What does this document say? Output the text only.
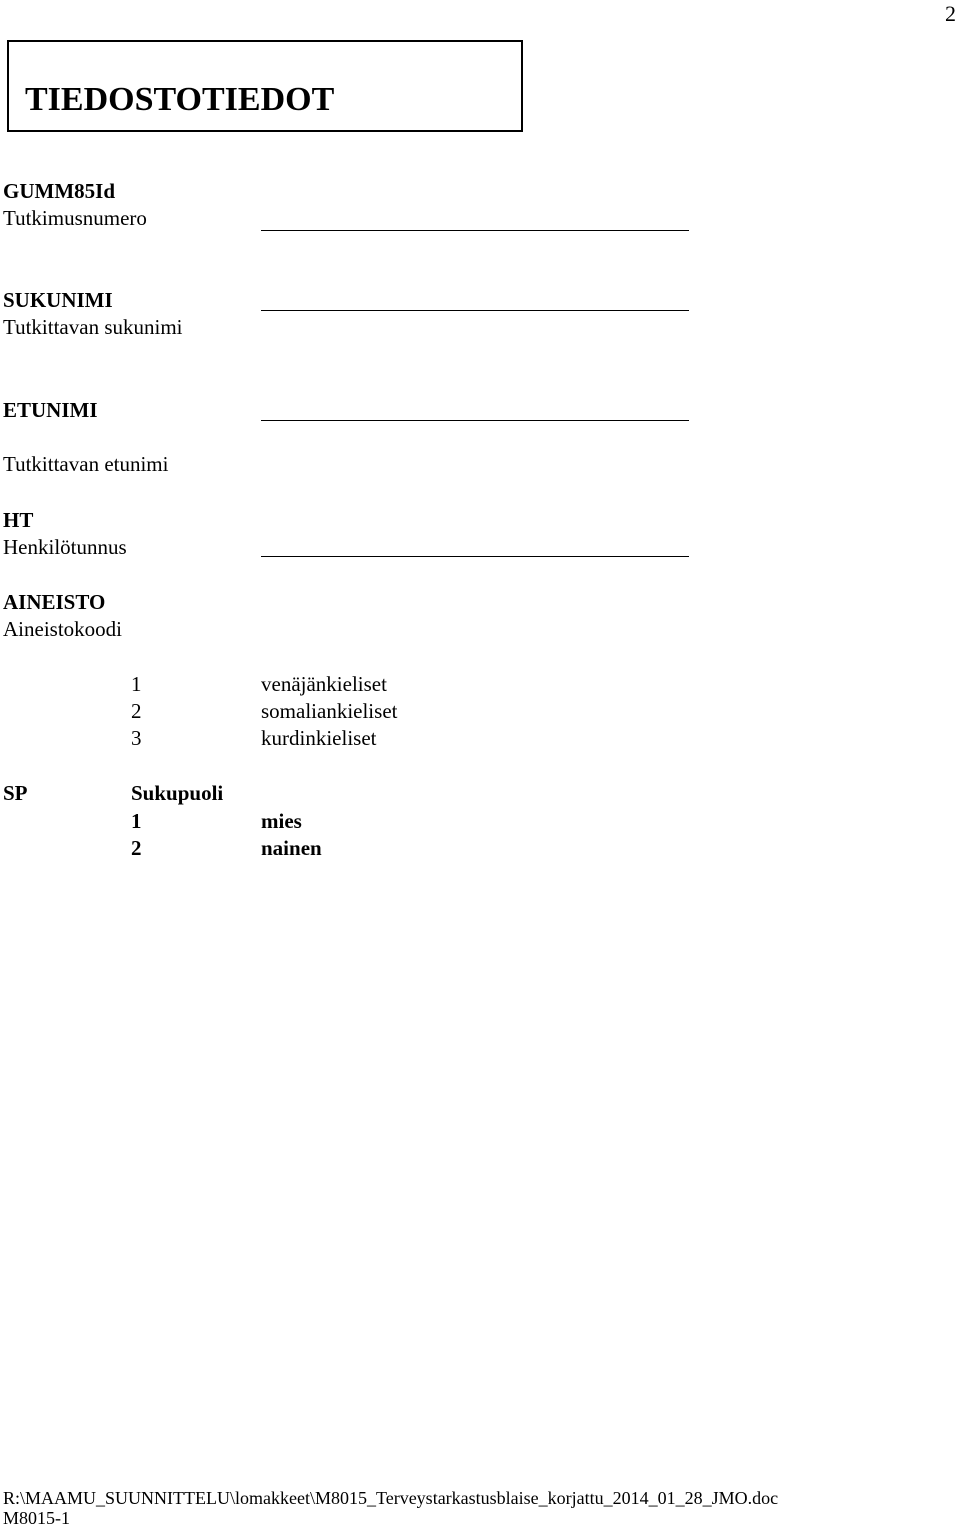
2
TIEDOSTOTIEDOT
GUMM85Id
Tutkimusnumero
SUKUNIMI
Tutkittavan sukunimi
ETUNIMI
Tutkittavan etunimi
HT
Henkilötunnus
AINEISTO
Aineistokoodi
1	venäjänkieliset
2	somaliankieliset
3	kurdinkieliset
SP	Sukupuoli
1	mies
2	nainen
R:\MAAMU_SUUNNITTELU\lomakkeet\M8015_Terveystarkastusblaise_korjattu_2014_01_28_JMO.doc
M8015-1
